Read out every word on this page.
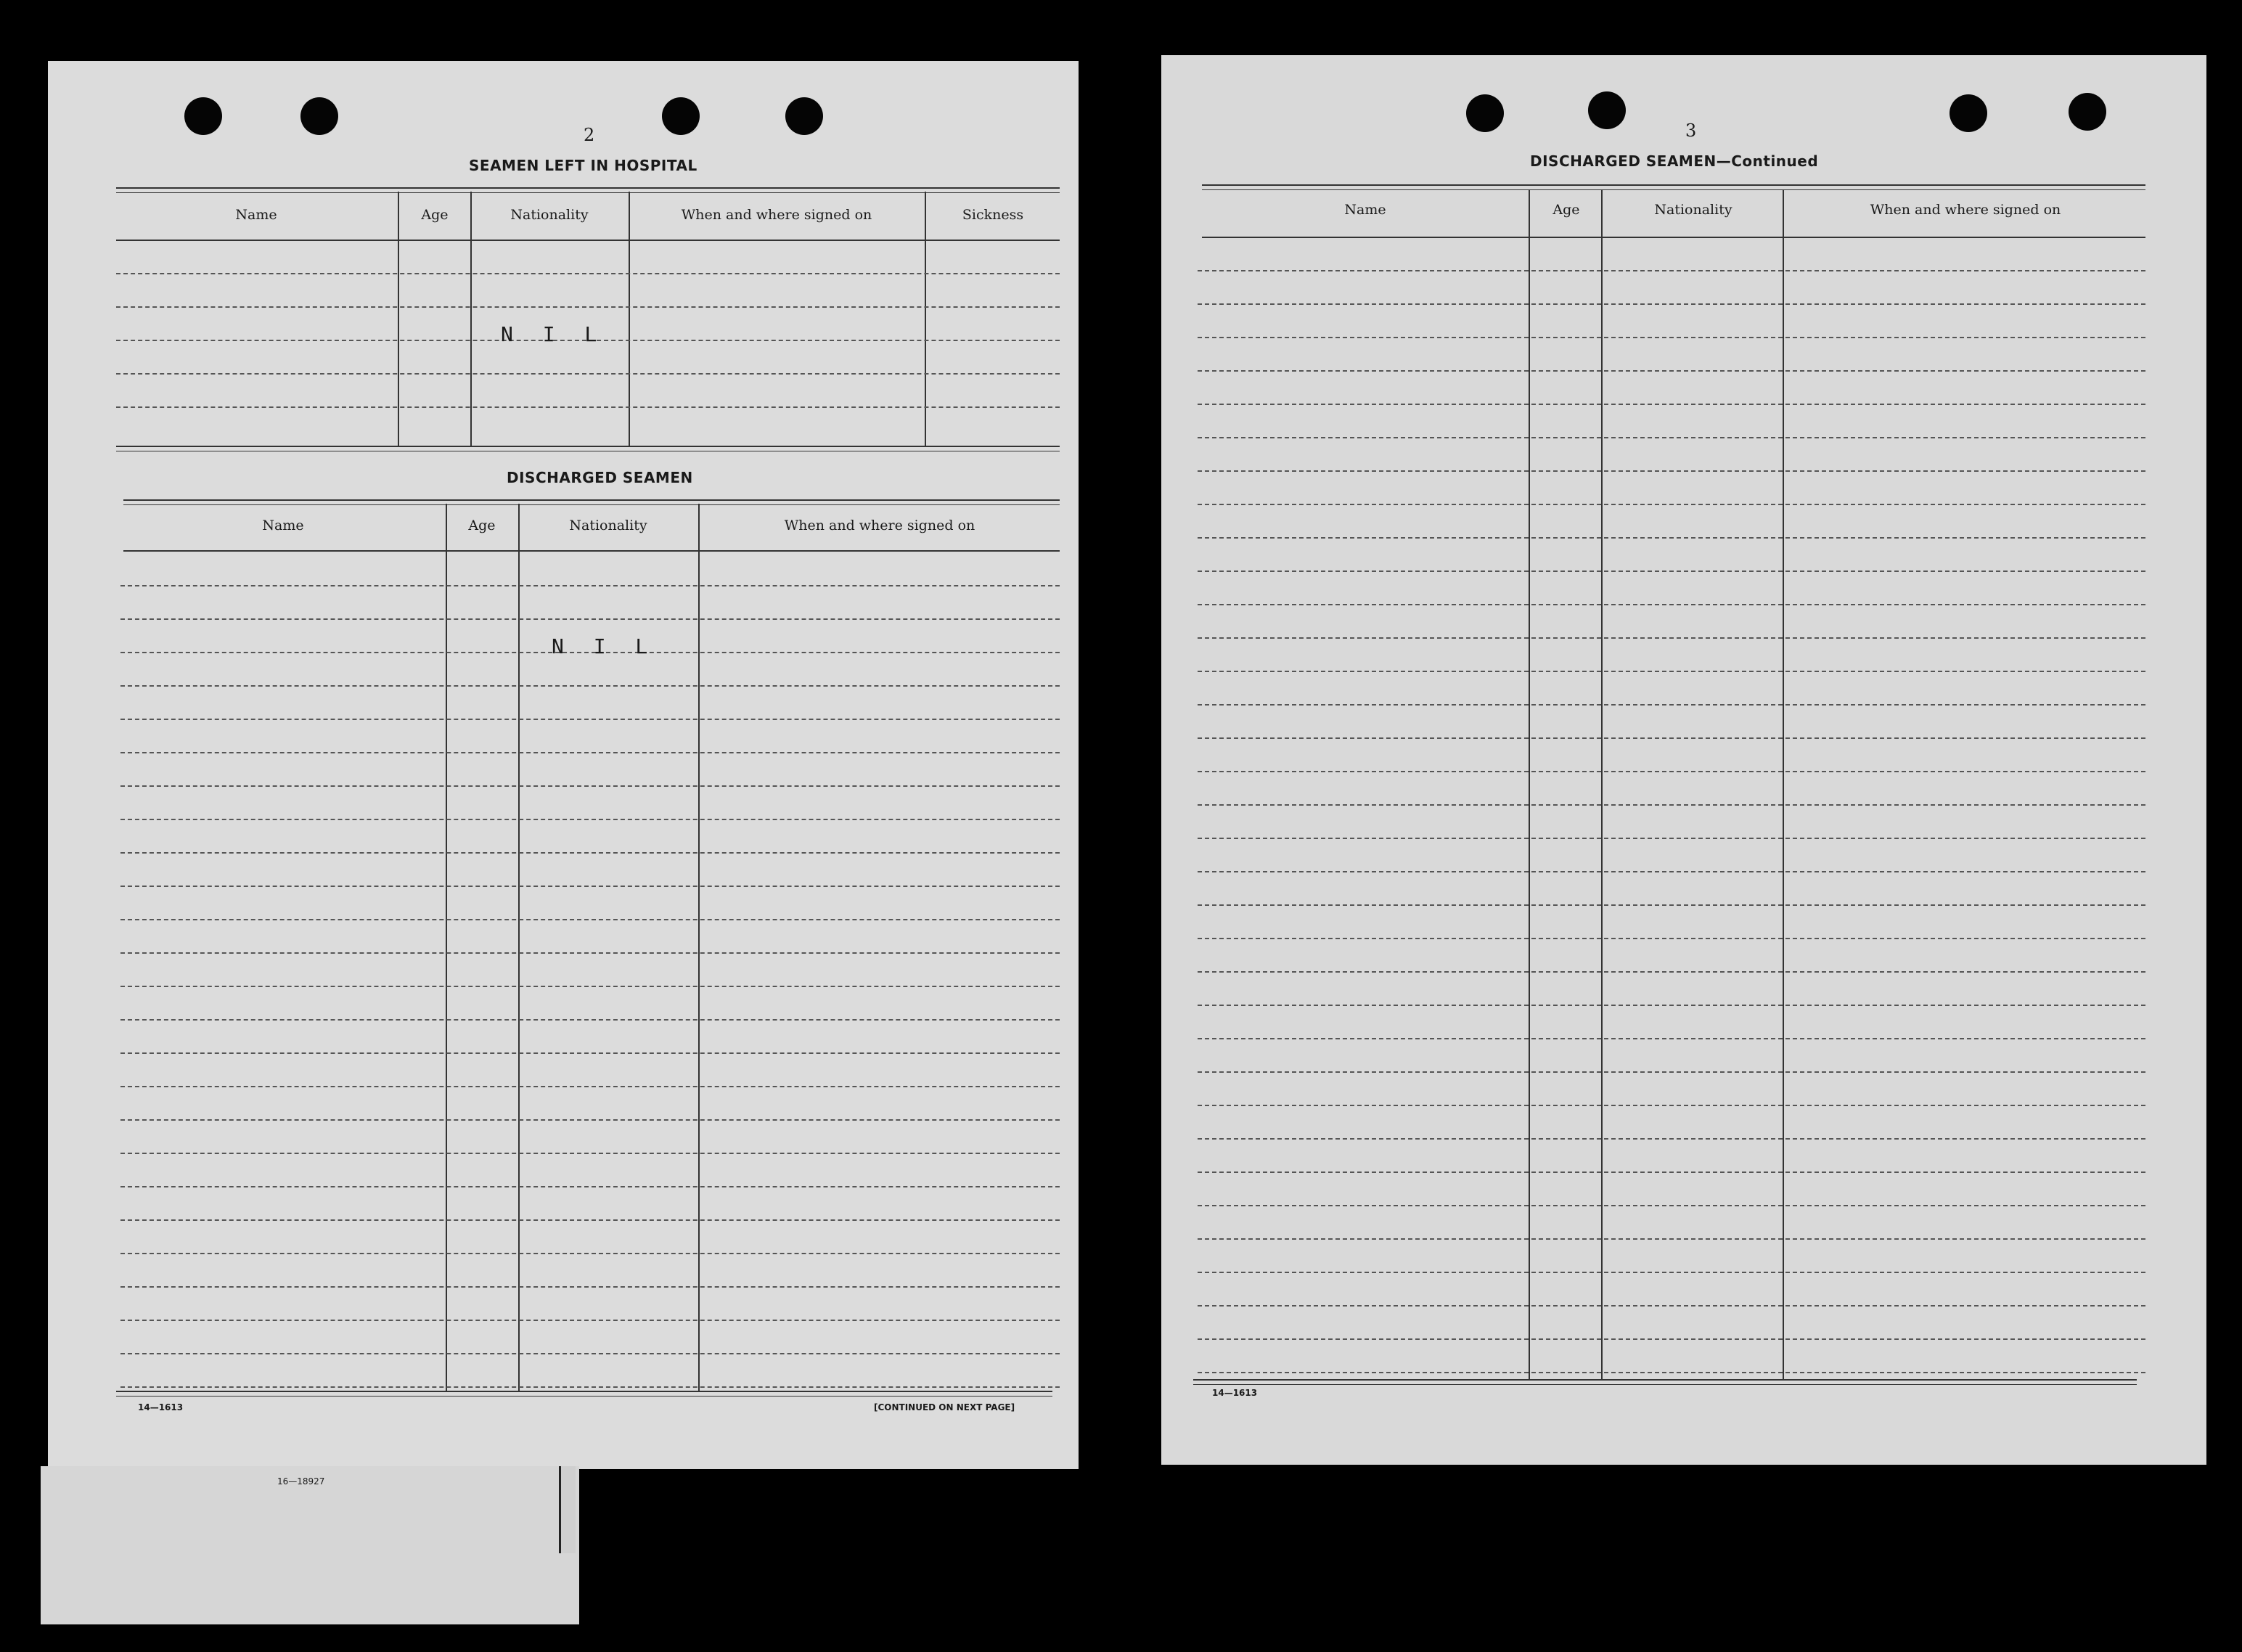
2
SEAMEN LEFT IN HOSPITAL
Name	Age	Nationality	When and where signed on	Sickness
N I L
DISCHARGED SEAMEN
Name	Age	Nationality	When and where signed on
N I L
14—1613	[CONTINUED ON NEXT PAGE]
3
DISCHARGED SEAMEN—Continued
Name	Age	Nationality	When and where signed on
14—1613
16—18927
